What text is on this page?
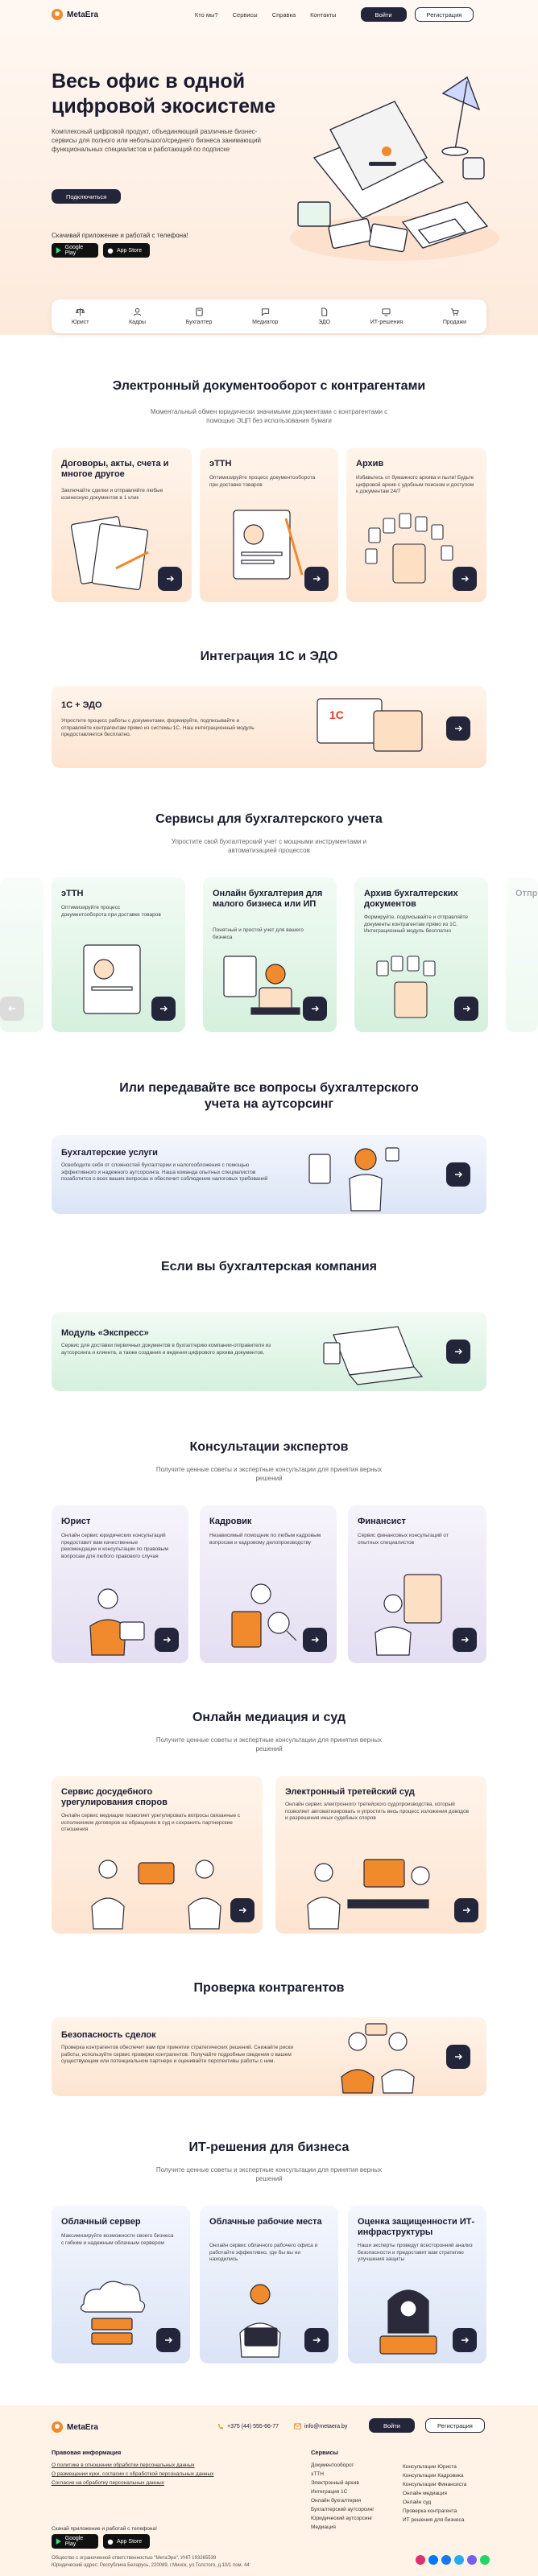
MetaEra	Кто мы? Сервисы Справка Контакты	Войти	Регистрация
Весь офис в одной цифровой экосистеме
Комплексный цифровой продукт, объединяющий различные бизнес-сервисы для полного или небольшого/среднего бизнеса занимающий функциональных специалистов и работающий по подписке
Подключиться
Скачивай приложение и работай с телефона!
Google Play	App Store
Юрист	Кадры	Бухгалтер	Медиатор	ЭДО	ИТ-решения	Продажи
Электронный документооборот с контрагентами
Моментальный обмен юридически значимыми документами с контрагентами с помощью ЭЦП без использования бумаги
Договоры, акты, счета и многое другое
Заключайте сделки и отправляйте любые юзинесную документов в 1 клик
эТТН
Оптимизируйте процесс документооборота при доставке товаров
Архив
Избавьтесь от бумажного архива и пыли! Будьте цифровой архив с удобным поиском и доступом к документам 24/7
Интеграция 1С и ЭДО
1С + ЭДО
Упростите процесс работы с документами, формируйте, подписывайте и отправляйте контрагентам прямо из системы 1С. Наш интеграционный модуль предоставляется бесплатно.
1С
Сервисы для бухгалтерского учета
Упростите свой бухгалтерский учет с мощными инструментами и автоматизацией процессов
эТТН
Оптимизируйте процесс документооборота при доставке товаров
Онлайн бухгалтерия для малого бизнеса или ИП
Понятный и простой учет для вашего бизнеса
Архив бухгалтерских документов
Формируйте, подписывайте и отправляйте документы контрагентам прямо из 1С. Интеграционный модуль бесплатно
Отпр
Или передавайте все вопросы бухгалтерского учета на аутсорсинг
Бухгалтерские услуги
Освободите себя от сложностей бухгалтерии и налогообложения с помощью эффективного и надежного аутсорсинга. Наша команда опытных специалистов позаботится о всех ваших вопросах и обеспечит соблюдение налоговых требований
Если вы бухгалтерская компания
Модуль «Экспресс»
Сервис для доставки первичных документов в бухгалтерию компании-отправителя из аутсорсинга и клиента, а также создания и ведения цифрового архива документов.
Консультации экспертов
Получите ценные советы и экспертные консультации для принятия верных решений
Юрист
Онлайн сервис юридических консультаций предоставит вам качественные рекомендации и консультации по правовым вопросам для любого правового случая
Кадровик
Независимый помощник по любым кадровым вопросам и кадровому делопроизводству
Финансист
Сервис финансовых консультаций от опытных специалистов
Онлайн медиация и суд
Получите ценные советы и экспертные консультации для принятия верных решений
Сервис досудебного урегулирования споров
Онлайн сервис медиации позволяет урегулировать вопросы связанные с исполнением договоров на обращение в суд и сохранить партнерские отношения
Электронный третейский суд
Онлайн сервис электронного третейского судопроизводства, который позволяет автоматизировать и упростить весь процесс изложения доводов и разрешения иных судебных споров
Проверка контрагентов
Безопасность сделок
Проверка контрагентов обеспечит вам при принятии стратегических решений. Снижайте риски работы, используйте сервис проверки контрагентов. Получайте подробные сведения о вашем существующем или потенциальном партнере и оценивайте перспективы работы с ним.
ИТ-решения для бизнеса
Получите ценные советы и экспертные консультации для принятия верных решений
Облачный сервер
Максимизируйте возможности своего бизнеса с гибким и надежным облачным сервером
Облачные рабочие места
Онлайн сервис облачного рабочего офиса и работайте эффективно, где бы вы ни находились
Оценка защищенности ИТ-инфраструктуры
Наши эксперты проведут всесторонний анализ безопасности и предоставят вам стратегию улучшения защиты
MetaEra	+375 (44) 555-66-77	info@metaera.by	Войти	Регистрация
Правовая информация
О политике в отношении обработки персональных данных
О размещении куки, согласии с обработкой персональных данных
Согласие на обработку персональных данных
Скачай приложение и работай с телефона!
Google Play	App Store
Сервисы
Документооборот
эТТН
Электронный архив
Интеграция 1С
Онлайн бухгалтерия
Бухгалтерский аутсорсинг
Юридический аутсорсинг
Медиация
Консультации Юриста
Консультации Кадровика
Консультации Финансиста
Онлайн медиация
Онлайн суд
Проверка контрагента
ИТ решения для бизнеса
Общество с ограниченной ответственностью "МетаЭра", УНП 193265539
Юридический адрес: Республика Беларусь, 220089, г.Минск, ул.Толстого, д.10/1 пом. 44
